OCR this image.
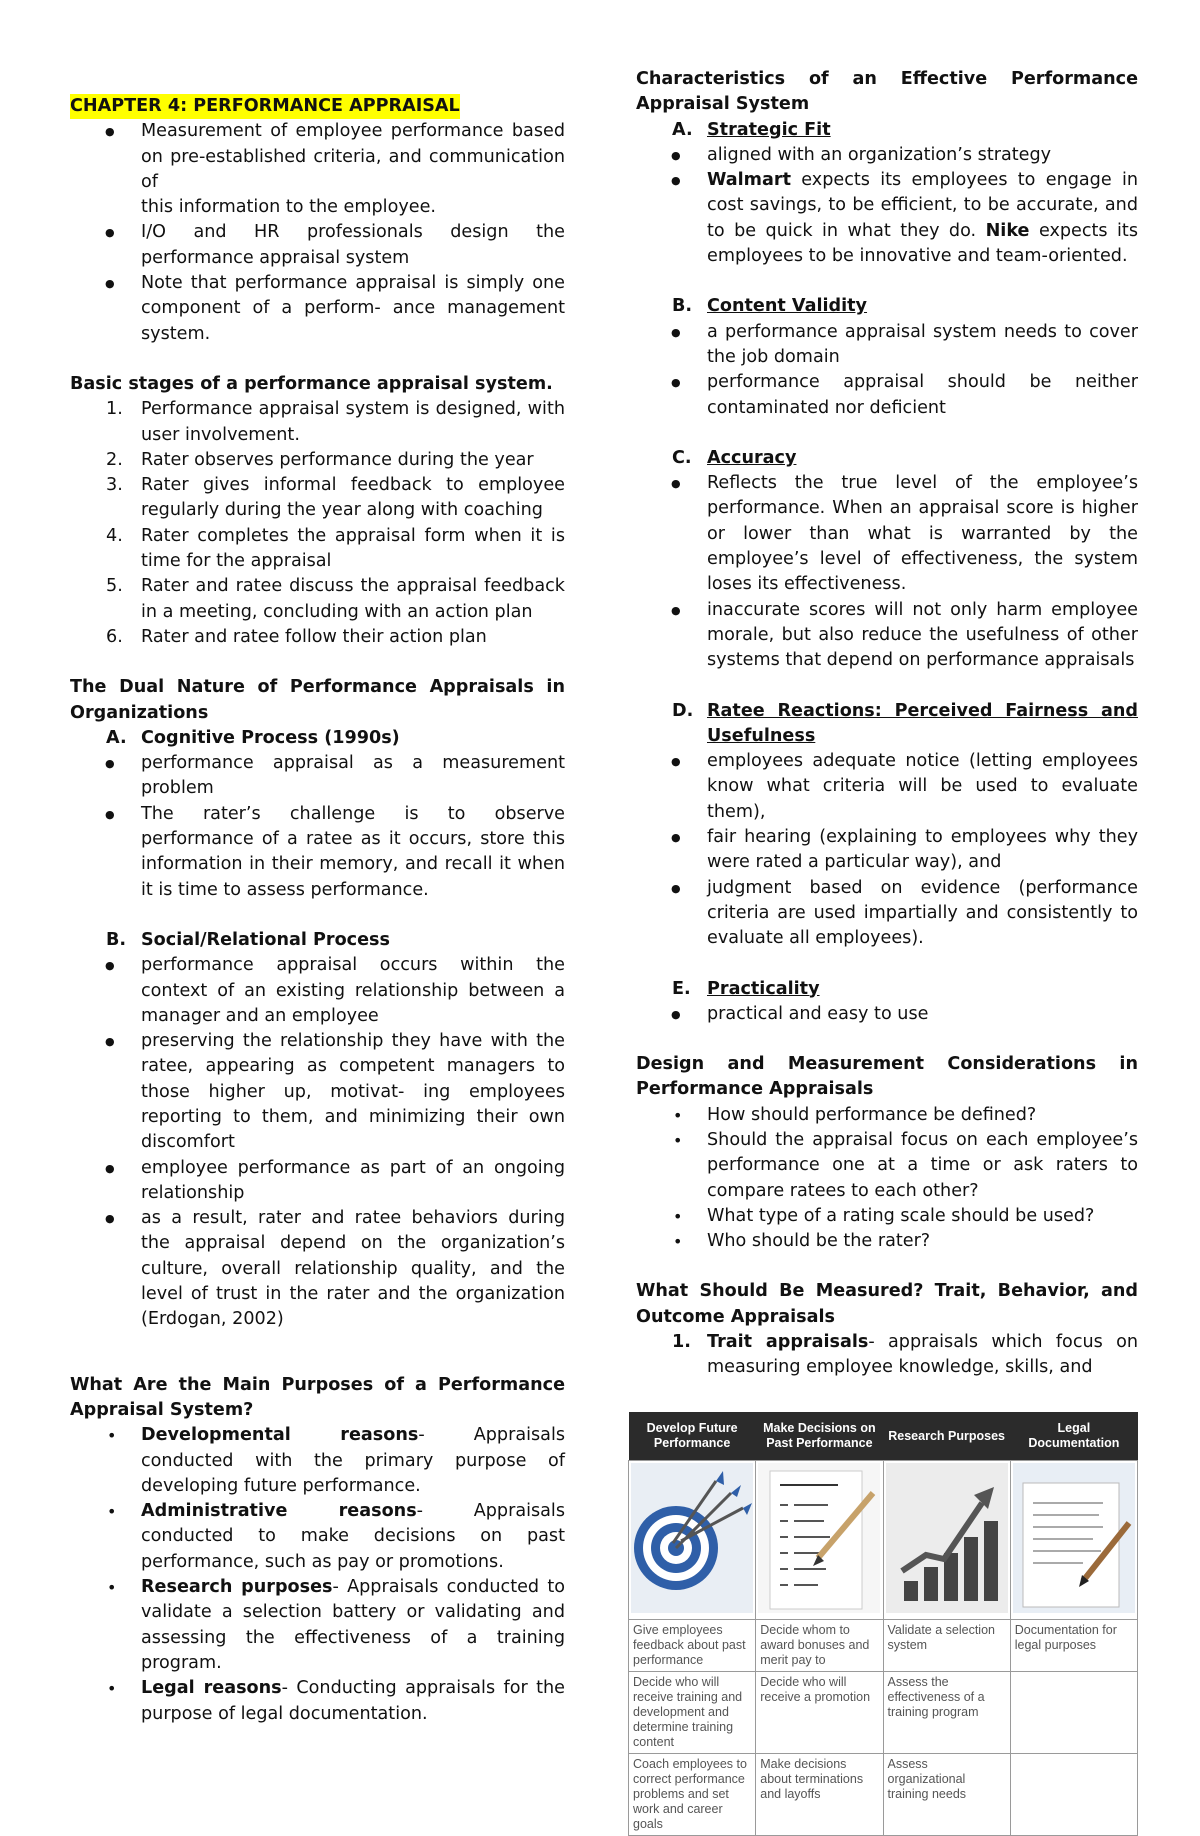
CHAPTER 4: PERFORMANCE APPRAISAL
● Measurement of employee performance based on pre-established criteria, and communication of
this information to the employee.
● I/O and HR professionals design the performance appraisal system
● Note that performance appraisal is simply one component of a perform- ance management system.
Basic stages of a performance appraisal system.
1. Performance appraisal system is designed, with user involvement.
2. Rater observes performance during the year
3. Rater gives informal feedback to employee regularly during the year along with coaching
4. Rater completes the appraisal form when it is time for the appraisal
5. Rater and ratee discuss the appraisal feedback in a meeting, concluding with an action plan
6. Rater and ratee follow their action plan
The Dual Nature of Performance Appraisals in Organizations
A. Cognitive Process (1990s)
● performance appraisal as a measurement problem
● The rater’s challenge is to observe performance of a ratee as it occurs, store this information in their memory, and recall it when it is time to assess performance.
B. Social/Relational Process
● performance appraisal occurs within the context of an existing relationship between a manager and an employee
● preserving the relationship they have with the ratee, appearing as competent managers to those higher up, motivat- ing employees reporting to them, and minimizing their own discomfort
● employee performance as part of an ongoing relationship
● as a result, rater and ratee behaviors during the appraisal depend on the organization’s culture, overall relationship quality, and the level of trust in the rater and the organization (Erdogan, 2002)
What Are the Main Purposes of a Performance Appraisal System?
• Developmental reasons- Appraisals conducted with the primary purpose of developing future performance.
• Administrative reasons- Appraisals conducted to make decisions on past performance, such as pay or promotions.
• Research purposes- Appraisals conducted to validate a selection battery or validating and assessing the effectiveness of a training program.
• Legal reasons- Conducting appraisals for the purpose of legal documentation.
Characteristics of an Effective Performance Appraisal System
A. Strategic Fit
● aligned with an organization’s strategy
● Walmart expects its employees to engage in cost savings, to be efficient, to be accurate, and to be quick in what they do. Nike expects its employees to be innovative and team-oriented.
B. Content Validity
● a performance appraisal system needs to cover the job domain
● performance appraisal should be neither contaminated nor deficient
C. Accuracy
● Reflects the true level of the employee’s performance. When an appraisal score is higher or lower than what is warranted by the employee’s level of effectiveness, the system loses its effectiveness.
● inaccurate scores will not only harm employee morale, but also reduce the usefulness of other systems that depend on performance appraisals
D. Ratee Reactions: Perceived Fairness and Usefulness
● employees adequate notice (letting employees know what criteria will be used to evaluate them),
● fair hearing (explaining to employees why they were rated a particular way), and
● judgment based on evidence (performance criteria are used impartially and consistently to evaluate all employees).
E. Practicality
● practical and easy to use
Design and Measurement Considerations in Performance Appraisals
• How should performance be defined?
• Should the appraisal focus on each employee’s performance one at a time or ask raters to compare ratees to each other?
• What type of a rating scale should be used?
• Who should be the rater?
What Should Be Measured? Trait, Behavior, and Outcome Appraisals
1. Trait appraisals- appraisals which focus on measuring employee knowledge, skills, and
Develop Future Performance	Make Decisions on Past Performance	Research Purposes	Legal Documentation

Give employees feedback about past performance	Decide whom to award bonuses and merit pay to	Validate a selection system	Documentation for legal purposes
Decide who will receive training and development and determine training content	Decide who will receive a promotion	Assess the effectiveness of a training program	
Coach employees to correct performance problems and set work and career goals	Make decisions about terminations and layoffs	Assess organizational training needs	
